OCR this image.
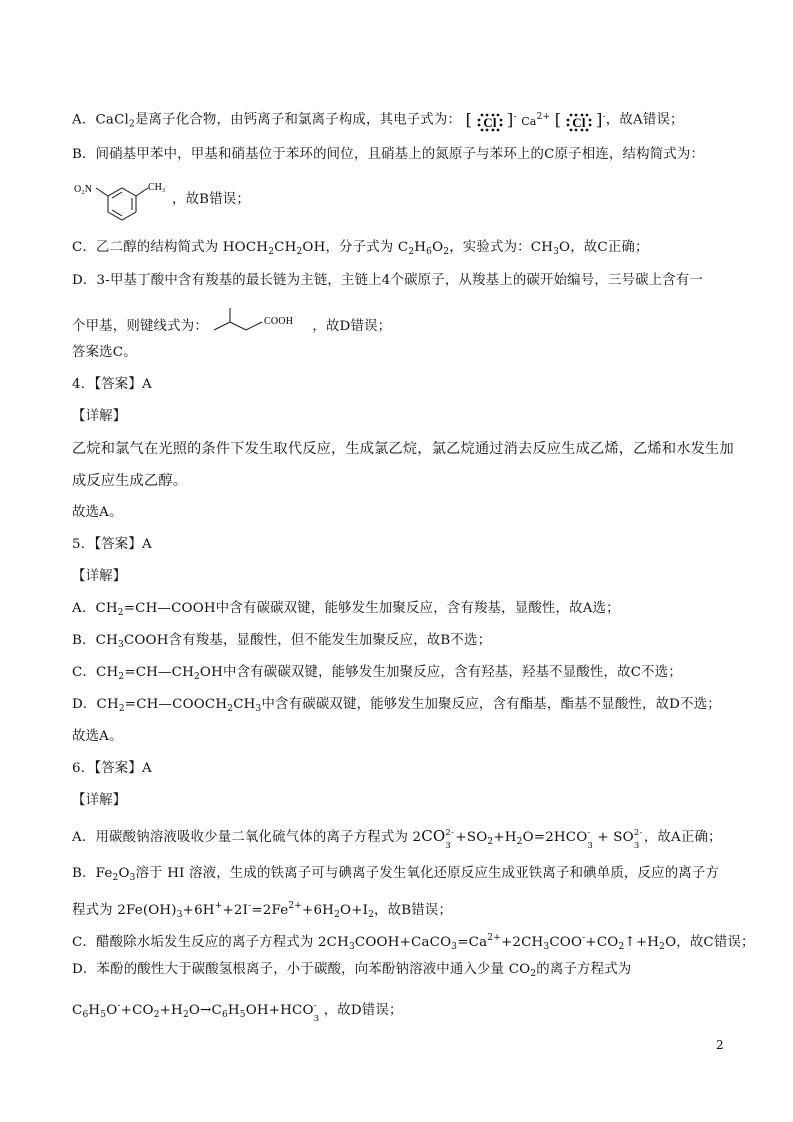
A．CaCl$_2$是离子化合物，由钙离子和氯离子构成，其电子式为： [ Cl ]- $Ca^{2+}$ [ Cl ]-，故A错误；
B．间硝基甲苯中，甲基和硝基位于苯环的间位，且硝基上的氮原子与苯环上的C原子相连，结构简式为：
O₂N	CH₃
，故B错误；
C．乙二醇的结构简式为 $HOCH_2CH_2OH$，分子式为 $C_2H_6O_2$，实验式为：$CH_3O$，故C正确；
D．3-甲基丁酸中含有羧基的最长链为主链，主链上4个碳原子，从羧基上的碳开始编号，三号碳上含有一
个甲基，则键线式为：	COOH ，故D错误；
答案选C。
4．【答案】A
【详解】
乙烷和氯气在光照的条件下发生取代反应，生成氯乙烷，氯乙烷通过消去反应生成乙烯，乙烯和水发生加
成反应生成乙醇。
故选A。
5．【答案】A
【详解】
A．$CH_2=CH—COOH$中含有碳碳双键，能够发生加聚反应，含有羧基，显酸性，故A选；
B．$CH_3COOH$含有羧基，显酸性，但不能发生加聚反应，故B不选；
C．$CH_2=CH—CH_2OH$中含有碳碳双键，能够发生加聚反应，含有羟基，羟基不显酸性，故C不选；
D．$CH_2=CH—COOCH_2CH_3$中含有碳碳双键，能够发生加聚反应，含有酯基，酯基不显酸性，故D不选；
故选A。
6．【答案】A
【详解】
A．用碳酸钠溶液吸收少量二氧化硫气体的离子方程式为 2CO 2-
3
$+SO_2+H_2O=2HCO$ -
3
+ SO 2-
3
，故A正确；
B．$Fe_2O_3$溶于 HI 溶液，生成的铁离子可与碘离子发生氧化还原反应生成亚铁离子和碘单质，反应的离子方
程式为 $2Fe(OH)_3+6H^++2I^-=2Fe^{2+}+6H_2O+I_2$，故B错误；
C．醋酸除水垢发生反应的离子方程式为 $2CH_3COOH+CaCO_3=Ca^{2+}+2CH_3COO^-+CO_2↑+H_2O$，故C错误；
D．苯酚的酸性大于碳酸氢根离子，小于碳酸，向苯酚钠溶液中通入少量 $CO_2$的离子方程式为
$C_6H_5O^-+CO_2+H_2O\to C_6H_5OH+HCO$ -
3
，故D错误；
2
